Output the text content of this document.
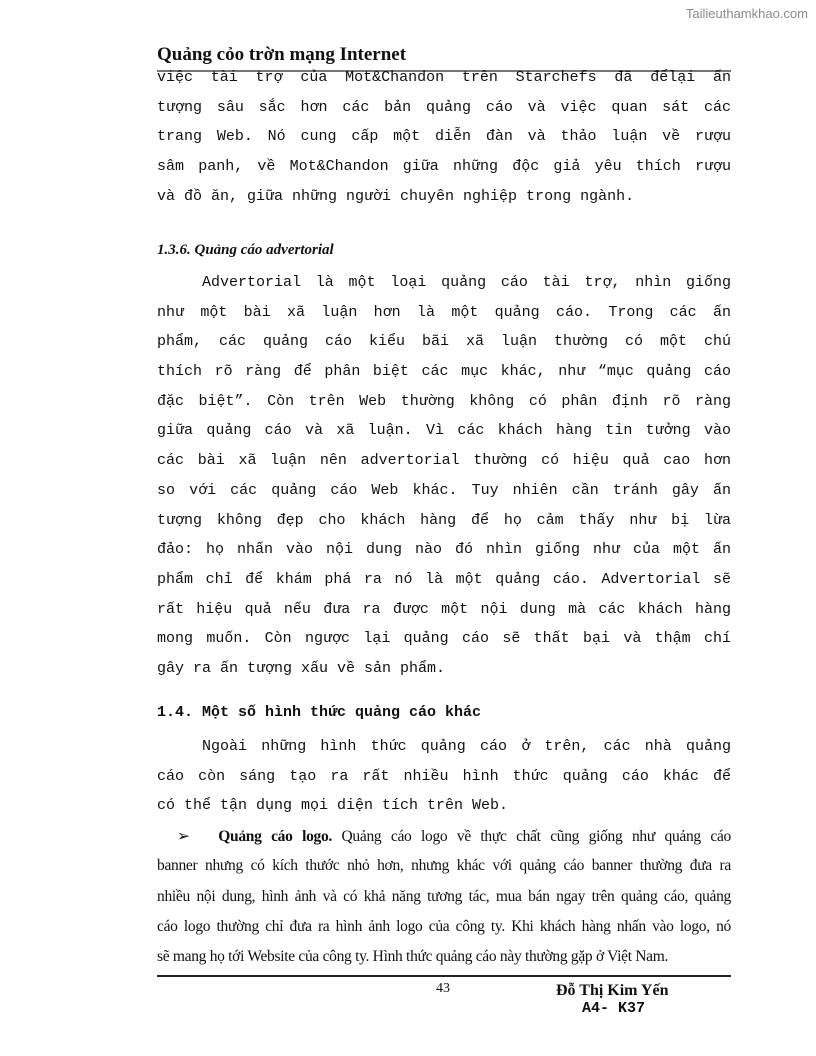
Tailieuthamkhao.com
Quảng cỏo trờn mạng Internet
việc tài trợ của Mot&Chandon trên Starchefs đã đểlại ấn
tượng sâu sắc hơn các bản quảng cáo và việc quan sát các
trang Web. Nó cung cấp một diễn đàn và thảo luận về rượu
sâm panh, về Mot&Chandon giữa những độc giả yêu thích rượu
và đồ ăn, giữa những người chuyên nghiệp trong ngành.
1.3.6. Quảng cáo advertorial
Advertorial là một loại quảng cáo tài trợ, nhìn giống
như một bài xã luận hơn là một quảng cáo. Trong các ấn
phẩm, các quảng cáo kiểu bãi xã luận thường có một chú
thích rõ ràng để phân biệt các mục khác, như “mục quảng cáo
đặc biệt”. Còn trên Web thường không có phân định rõ ràng
giữa quảng cáo và xã luận. Vì các khách hàng tin tưởng vào
các bài xã luận nên advertorial thường có hiệu quả cao hơn
so với các quảng cáo Web khác. Tuy nhiên cần tránh gây ấn
tượng không đẹp cho khách hàng để họ cảm thấy như bị lừa
đảo: họ nhấn vào nội dung nào đó nhìn giống như của một ấn
phẩm chỉ để khám phá ra nó là một quảng cáo. Advertorial sẽ
rất hiệu quả nếu đưa ra được một nội dung mà các khách hàng
mong muốn. Còn ngược lại quảng cáo sẽ thất bại và thậm chí
gây ra ấn tượng xấu về sản phẩm.
1.4. Một số hình thức quảng cáo khác
Ngoài những hình thức quảng cáo ở trên, các nhà quảng
cáo còn sáng tạo ra rất nhiều hình thức quảng cáo khác để
có thể tận dụng mọi diện tích trên Web.
➢ Quảng cáo logo. Quảng cáo logo về thực chất cũng giống như quảng cáo
banner nhưng có kích thước nhỏ hơn, nhưng khác với quảng cáo banner thường đưa ra
nhiều nội dung, hình ảnh và có khả năng tương tác, mua bán ngay trên quảng cáo, quảng
cáo logo thường chỉ đưa ra hình ảnh logo của công ty. Khi khách hàng nhấn vào logo, nó
sẽ mang họ tới Website của công ty. Hình thức quảng cáo này thường gặp ở Việt Nam.
43	Đỗ Thị Kim Yến
A4- K37
